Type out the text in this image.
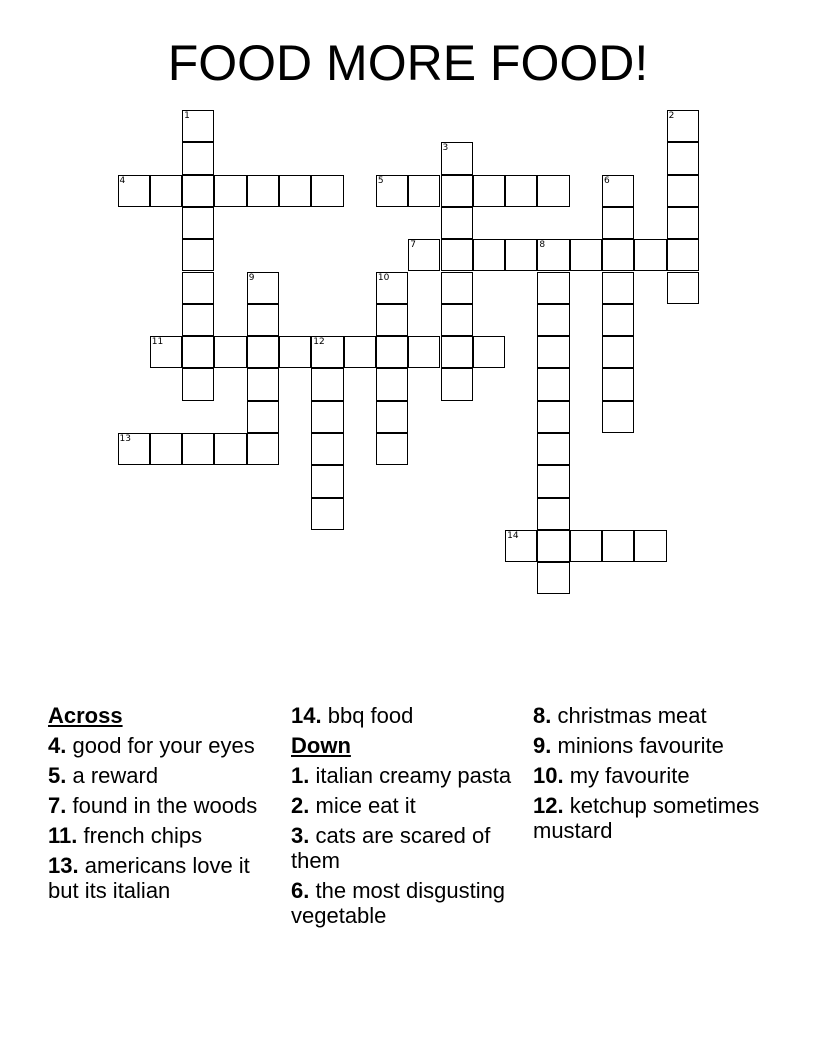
FOOD MORE FOOD!
4	5
7	8
11	12
13
14
1	2
3
6
9	10
Across
4. good for your eyes
5. a reward
7. found in the woods
11. french chips
13. americans love it but its italian
14. bbq food
Down
1. italian creamy pasta
2. mice eat it
3. cats are scared of them
6. the most disgusting vegetable
8. christmas meat
9. minions favourite
10. my favourite
12. ketchup sometimes mustard
